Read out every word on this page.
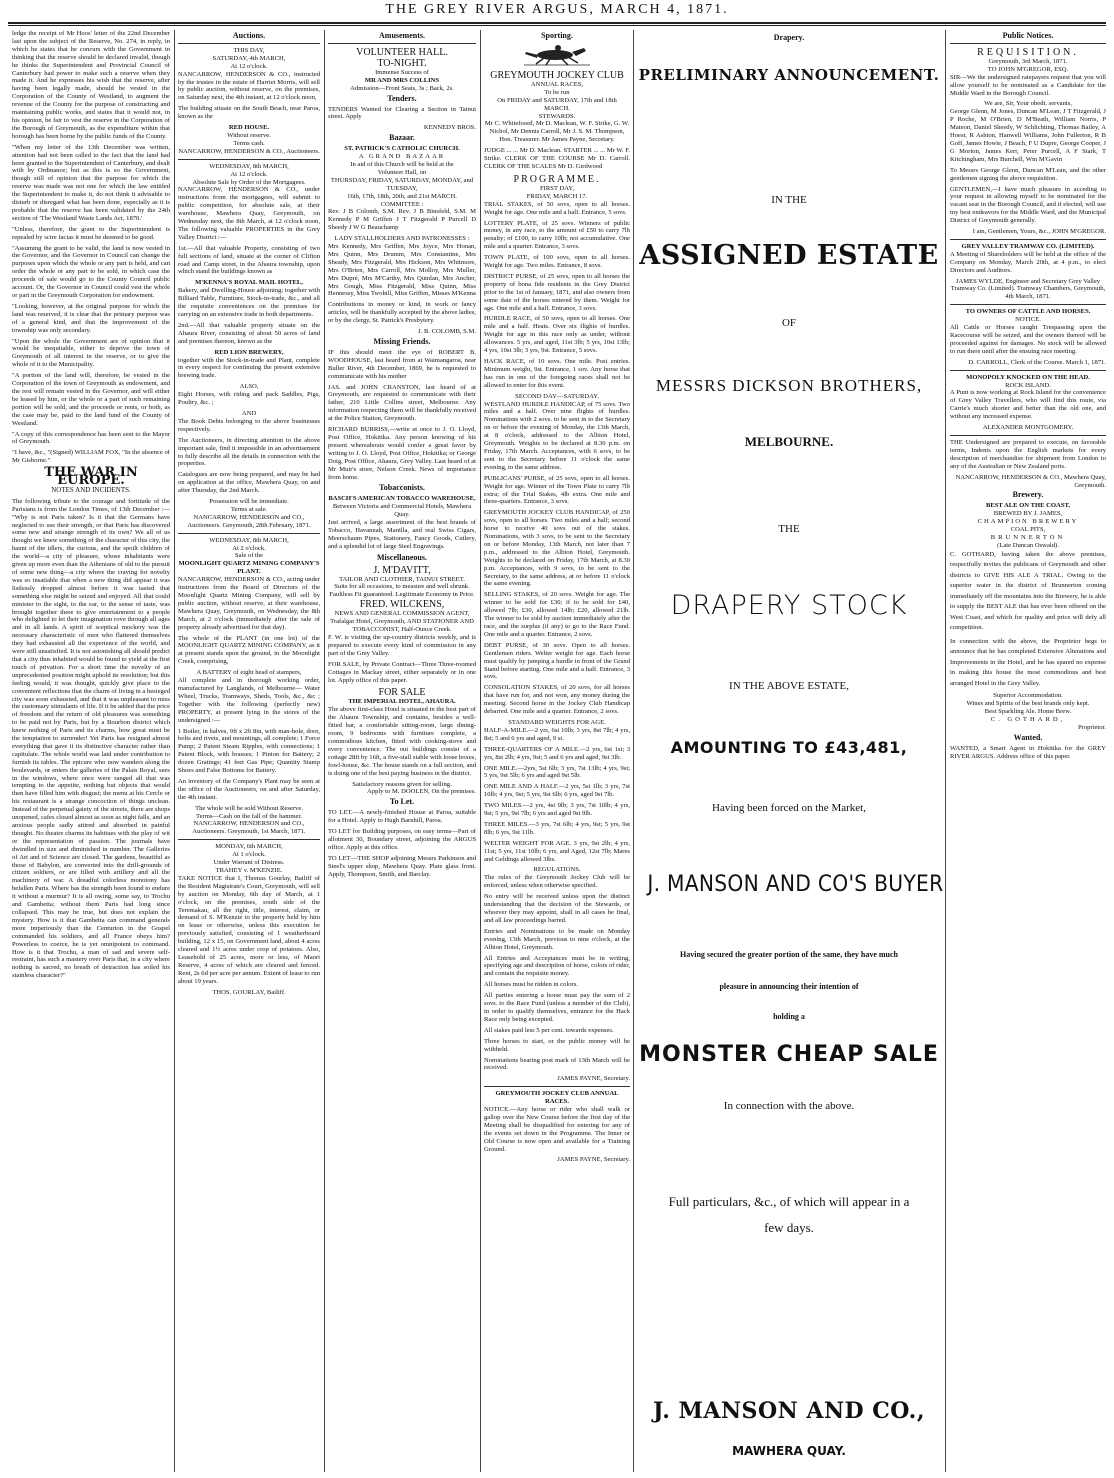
THE GREY RIVER ARGUS, MARCH 4, 1871.

ledge the receipt of Mr Hoos' letter of the 22nd December last upon the subject of the Reserve, No. 274, in reply, in which he states that he concurs with the Government in thinking that the reserve should be declared invalid, though he thinks the Superintendent and Provincial Council of Canterbury had power to make such a reserve when they made it. And he expresses his wish that the reserve, after having been legally made, should be vested in the Corporation of the County of Westland, to augment the revenue of the County for the purpose of constructing and maintaining public works, and states that it would not, in his opinion, be fair to vest the reserve in the Corporation of the Borough of Greymouth, as the expenditure within that borough has been borne by the public funds of the County.

"When my letter of the 13th December was written, attention had not been called to the fact that the land had been granted to the Superintendent of Canterbury, and dealt with by Ordinance; but as this is so the Government, though still of opinion that the purpose for which the reserve was made was not one for which the law entitled the Superintendent to make it, do not think it advisable to disturb or disregard what has been done, especially as it is probable that the reserve has been validated by the 24th section of 'The Westland Waste Lands Act, 1870.'

"Unless, therefore, the grant to the Superintendent is repealed by scire facias it must be deemed to be good.

"Assuming the grant to be valid, the land is now vested in the Governor, and the Governor in Council can change the purposes upon which the whole or any part is held, and can order the whole or any part to be sold, in which case the proceeds of sale would go to the County Council public account. Or, the Governor in Council could vest the whole or part in the Greymouth Corporation for endowment.

"Looking, however, at the original purpose for which the land was reserved, it is clear that the primary purpose was of a general kind, and that the improvement of the township was only secondary.

"Upon the whole the Government are of opinion that it would be inequitable, either to deprive the town of Greymouth of all interest in the reserve, or to give the whole of it to the Municipality.

"A portion of the land will, therefore, be vested in the Corporation of the town of Greymouth as endowment, and the rest will remain vested in the Governor, and will either be leased by him, or the whole or a part of such remaining portion will be sold, and the proceeds or rents, or both, as the case may be, paid to the land fund of the County of Westland.

"A copy of this correspondence has been sent to the Mayor of Greymouth.

"I have, &c., "(Signed) WILLIAM FOX, "In the absence of Mr Gisborne."

THE WAR IN EUROPE.
NOTES AND INCIDENTS.

The following tribute to the courage and fortitude of the Parisians is from the London Times, of 13th December :— "Why is not Paris taken? Is it that the Germans have neglected to use their strength, or that Paris has discovered some new and strange strength of its own? We all of us thought we knew something of the character of this city, the haunt of the idlers, the curious, and the spoilt children of the world—a city of pleasure, whose inhabitants were given up more even than the Athenians of old to the pursuit of some new thing—a city where the craving for novelty was so insatiable that when a new thing did appear it was listlessly dropped almost before it was tasted that something else might be seized and enjoyed. All that could minister to the sight, to the ear, to the sense of taste, was brought together there to give entertainment to a people who delighted to let their imagination rove through all ages and in all lands. A spirit of sceptical mockery was the necessary characteristic of men who flattered themselves they had exhausted all the experience of the world, and were still unsatisfied. It is not astonishing all should predict that a city thus inhabited would be found to yield at the first touch of privation. For a short time the novelty of an unprecedented position might uphold its resolution; but this feeling would, it was thought, quickly give place to the convenient reflections that the charm of living in a besieged city was soon exhausted, and that it was unpleasant to miss the customary stimulants of life. If it be added that the price of freedom and the return of old pleasures was something to be paid not by Paris, but by a Bourbon district which knew nothing of Paris and its charms, how great must be the temptation to surrender! Yet Paris has resigned almost everything that gave it its distinctive character rather than capitulate. The whole world was laid under contribution to furnish its tables. The epicure who now wanders along the boulevards, or enters the galleries of the Palais Royal, sees in the windows, where once were ranged all that was tempting to the appetite, nothing but objects that would then have filled him with disgust; the menu at his Cercle or his restaurant is a strange concoction of things unclean. Instead of the perpetual gaiety of the streets, there are shops unopened, cafes closed almost as soon as night falls, and an anxious people sadly attired and absorbed in painful thought. No theatre charms its habitues with the play of wit or the representation of passion. The journals have dwindled in size and diminished in number. The Galleries of Art and of Science are closed. The gardens, beautiful as those of Babylon, are converted into the drill-grounds of citizen soldiers, or are filled with artillery and all the machinery of war. A dreadful colorless monotony has befallen Paris. Where has the strength been found to endure it without a murmur? It is all owing, some say, to Trochu and Gambetta; without them Paris had long since collapsed. This may be true, but does not explain the mystery. How is it that Gambetta can command generals more imperiously than the Centurion in the Gospel commanded his soldiers, and all France obeys him? Powerless to coerce, he is yet omnipotent to command. How is it that Trochu, a man of sad and severe self-restraint, has such a mastery over Paris that, in a city where nothing is sacred, no breath of detraction has soiled his stainless character?"

Auctions.
THIS DAY,
SATURDAY, 4th MARCH,
At 12 o'clock.

NANCARROW, HENDERSON & CO., instructed by the trustee in the estate of Harriet Morris, will sell by public auction, without reserve, on the premises, on Saturday next, the 4th instant, at 12 o'clock noon,

The building situate on the South Beach, near Paroa, known as the

RED HOUSE.
Without reserve.
Terms cash.
NANCARROW, HENDERSON & CO., Auctioneers.
WEDNESDAY, 8th MARCH,
At 12 o'clock.
Absolute Sale by Order of the Mortgagees.

NANCARROW, HENDERSON & CO., under instructions from the mortgagees, will submit to public competition, for absolute sale, at their warehouse, Mawhera Quay, Greymouth, on Wednesday next, the 8th March, at 12 o'clock noon, The following valuable PROPERTIES in the Grey Valley District :—

1st.—All that valuable Property, consisting of two full sections of land, situate at the corner of Clifton road and Camp street, in the Ahaura township, upon which stand the buildings known as

M'KENNA'S ROYAL MAIL HOTEL,

Bakery, and Dwelling-House adjoining; together with Billiard Table, Furniture, Stock-in-trade, &c., and all the requisite conveniences on the premises for carrying on an extensive trade in both departments.

2nd.—All that valuable property situate on the Ahaura River, consisting of about 50 acres of land and premises thereon, known as the

RED LION BREWERY,

together with the Stock-in-trade and Plant, complete in every respect for continuing the present extensive brewing trade.

ALSO,

Eight Horses, with riding and pack Saddles, Pigs, Poultry, &c. ;

AND

The Book Debts belonging to the above businesses respectively.

The Auctioneers, in directing attention to the above important sale, find it impossible in an advertisement to fully describe all the details in connection with the properties.

Catalogues are now being prepared, and may be had on application at the office, Mawhera Quay, on and after Thursday, the 2nd March.

Possession will be immediate.
Terms at sale.
NANCARROW, HENDERSON and CO., Auctioneers. Greymouth, 28th February, 1871.
WEDNESDAY, 8th MARCH,
At 2 o'clock.
Sale of the
MOONLIGHT QUARTZ MINING COMPANY'S PLANT.

NANCARROW, HENDERSON & CO., acting under instructions from the Board of Directors of the Moonlight Quartz Mining Company, will sell by public auction, without reserve, at their warehouse, Mawhera Quay, Greymouth, on Wednesday, the 8th March, at 2 o'clock (immediately after the sale of property already advertised for that day).

The whole of the PLANT (in one lot) of the MOONLIGHT QUARTZ MINING COMPANY, as it at present stands upon the ground, in the Moonlight Creek, comprising,

A BATTERY of eight head of stampers,

All complete and in thorough working order, manufactured by Langlands, of Melbourne— Water Wheel, Trucks, Tramways, Sheds, Tools, &c., &c ; Together with the following (perfectly new) PROPERTY, at present lying in the stores of the undersigned :—

1 Boiler, in halves, 9ft x 2ft 8in, with man-hole, door, bolts and rivets, and mountings, all complete; 1 Force Pump; 2 Patent Steam Ripples, with connections; 1 Patent Block, with brasses; 1 Pinion for Battery; 2 dozen Gratings; 41 feet Gas Pipe; Quantity Stamp Shoes and False Bottoms for Battery.

An inventory of the Company's Plant may be seen at the office of the Auctioneers, on and after Saturday, the 4th instant.

The whole will be sold Without Reserve.
Terms—Cash on the fall of the hammer.
NANCARROW, HENDERSON and CO., Auctioneers. Greymouth, 1st March, 1871.
MONDAY, 6th MARCH,
At 1 o'clock.
Under Warrant of Distress.
TRAHEY v. M'KENZIE.

TAKE NOTICE that I, Thomas Gourlay, Bailiff of the Resident Magistrate's Court, Greymouth, will sell by auction on Monday, 6th day of March, at 1 o'clock, on the premises, south side of the Teremakau, all the right, title, interest, claim, or demand of S. M'Kenzie to the property held by him on lease or otherwise, unless this execution be previously satisfied, consisting of 1 weatherboard building, 12 x 15, on Government land, about 4 acres cleared and 1½ acres under crop of potatoes. Also, Leasehold of 25 acres, more or less, of Maori Reserve, 4 acres of which are cleared and fenced. Rent, 2s 6d per acre per annum. Extent of lease to run about 19 years.

THOS. GOURLAY, Bailiff.
Amusements.
VOLUNTEER HALL.
TO-NIGHT.
Immense Success of
MR AND MRS COLLINS
Admission—Front Seats, 3s ; Back, 2s.
Tenders.

TENDERS Wanted for Clearing a Section in Tainui street. Apply

KENNEDY BROS.
Bazaar.
ST. PATRICK'S CATHOLIC CHURCH.
A GRAND BAZAAR
In aid of this Church will be held at the
Volunteer Hall, on
THURSDAY, FRIDAY, SATURDAY, MONDAY, and TUESDAY,
16th, 17th, 18th, 20th, and 21st MARCH.
COMMITTEE :

Rev. J B Colomb, S.M. Rev. J B Binsfeld, S.M. M Kennedy P M Griffen J T Fitzgerald P Purcell D Sheedy J W G Beauchamp

LADY STALLHOLDERS AND PATRONESSES :

Mrs Kennedy, Mrs Griffen, Mrs Joyce, Mrs Honan, Mrs Quinn, Mrs Drumm, Mrs Constantine, Mrs Sheady, Mrs Fitzgerald, Mrs Hickson, Mrs Whitmore, Mrs O'Brien, Mrs Carroll, Mrs Molloy, Mrs Muller, Mrs Dupré, Mrs M'Carthy, Mrs Quinlan, Mrs Ancher, Mrs Gough, Miss Fitzgerald, Miss Quinn, Miss Hennessy, Miss Twohill, Miss Griffen, Misses M'Kenna

Contributions in money or kind, in work or fancy articles, will be thankfully accepted by the above ladies, or by the clergy, St. Patrick's Presbytery.

J. B. COLOMB, S.M.
Missing Friends.

IF this should meet the eye of ROBERT B. WOODHOUSE, last heard from at Waimangaroa, near Buller River, 4th December, 1869, he is requested to communicate with his mother

JAS. and JOHN CRANSTON, last heard of at Greymouth, are requested to communicate with their father, 210 Little Collins street, Melbourne. Any information respecting them will be thankfully received at the Police Station, Greymouth.

RICHARD BURRISS,—write at once to J. O. Lloyd, Post Office, Hokitika. Any person knowing of his present whereabouts would confer a great favor by writing to J. O. Lloyd, Post Office, Hokitika; or George Doig, Post Office, Ahaura, Grey Valley. Last heard of at Mr Muir's store, Nelson Creek. News of importance from home.

Tobacconists.
BASCH'S AMERICAN TOBACCO WAREHOUSE,
Between Victoria and Commercial Hotels, Mawhera Quay.

Just arrived, a large assortment of the best brands of Tobacco, Havannah, Manilla, and real Swiss Cigars, Meerschaum Pipes, Stationery, Fancy Goods, Cutlery, and a splendid lot of large Steel Engravings.

Miscellaneous.
J. M'DAVITT,
TAILOR AND CLOTHIER, TAINUI STREET.
Suits for all occasions, to measure and well shrunk.
Faultless Fit guaranteed. Legitimate Economy in Price.
FRED. WILCKENS,
NEWS AND GENERAL COMMISSION AGENT, Trafalgar Hotel, Greymouth, AND STATIONER AND TOBACCONIST, Half-Ounce Creek.

F. W. is visiting the up-country districts weekly, and is prepared to execute every kind of commission in any part of the Grey Valley.

FOR SALE, by Private Contract—Three Three-roomed Cottages in Mackay street, either separately or in one lot. Apply office of this paper.

FOR SALE
THE IMPERIAL HOTEL, AHAURA.

The above first-class Hotel is situated in the best part of the Ahaura Township, and contains, besides a well-fitted bar, a comfortable sitting-room, large dining-room, 9 bedrooms with furniture complete, a commodious kitchen, fitted with cooking-stove and every convenience. The out buildings consist of a cottage 28ft by 16ft, a five-stall stable with loose boxes, fowl-house, &c. The house stands on a full section, and is doing one of the best paying business in the district.

Satisfactory reasons given for selling.
Apply to M. DOOLEN, On the premises.
To Let.

TO LET.—A newly-finished House at Paroa, suitable for a Hotel. Apply to Hugh Barnhill, Paroa.

TO LET for Building purposes, on easy terms—Part of allotment 30, Boundary street, adjoining the ARGUS office. Apply at this office.

TO LET—THE SHOP adjoining Messrs Parkinson and Steel's upper shop, Mawhera Quay. Plate glass front. Apply, Thompson, Smith, and Barclay.

Sporting.
GREYMOUTH JOCKEY CLUB
ANNUAL RACES,
To be run
On FRIDAY and SATURDAY, 17th and 18th MARCH.
STEWARDS.

Mr C. Whitefoord, Mr D. Maclean, W. F. Strike, G. W. Nichol, Mr Dennis Carroll, Mr J. S. M. Thompson, Hon. Treasurer. Mr James Payne, Secretary.

JUDGE ... ... Mr D. Maclean. STARTER ... ... Mr W. F. Strike. CLERK OF THE COURSE Mr D. Carroll. CLERK OF THE SCALES Mr D. Girdwood

PROGRAMME.
FIRST DAY,
FRIDAY, MARCH 17.

TRIAL STAKES, of 50 sovs, open to all horses. Weight for age. One mile and a half. Entrance, 5 sovs.

LOTTERY PLATE, of 25 sovs. Winners of public money, in any race, to the amount of £50 to carry 7lb penalty; of £100, to carry 10lb; not accumulative. One mile and a quarter. Entrance, 3 sovs.

TOWN PLATE, of 100 sovs, open to all horses. Weight for age. Two miles. Entrance, 8 sovs.

DISTRICT PURSE, of 25 sovs, open to all horses the property of bona fide residents in the Grey District prior to the 1st of January, 1871, and also owners from some date of the horses entered by them. Weight for age. One mile and a half. Entrance, 3 sovs.

HURDLE RACE, of 50 sovs, open to all horses. One mile and a half. Heats. Over six flights of hurdles. Weight for age in this race only as under, without allowances. 5 yrs, and aged, 11st 3lb; 5 yrs, 10st 13lb; 4 yrs, 10st 3lb; 3 yrs, 9st. Entrance, 5 sovs.

HACK RACE, of 10 sovs. One mile. Post entries. Minimum weight, 9st. Entrance, 1 sov. Any horse that has run in one of the foregoing races shall not be allowed to enter for this event.

SECOND DAY—SATURDAY.

WESTLAND HURDLE HANDICAP, of 75 sovs. Two miles and a half. Over nine flights of hurdles. Nominations with 2 sovs. to be sent in to the Secretary on or before the evening of Monday, the 13th March, at 8 o'clock, addressed to the Albion Hotel, Greymouth. Weights to be declared at 8.30 p.m. on Friday, 17th March. Acceptances, with 6 sovs, to be sent to the Secretary before 11 o'clock the same evening, to the same address.

PUBLICANS' PURSE, of 25 sovs, open to all horses. Weight for age. Winner of the Town Plate to carry 7lb extra; of the Trial Stakes, 4lb extra. One mile and three-quarters. Entrance, 3 sovs.

GREYMOUTH JOCKEY CLUB HANDICAP, of 250 sovs, open to all horses. Two miles and a half; second horse to receive 40 sovs out of the stakes. Nominations, with 3 sovs, to be sent to the Secretary on or before Monday, 13th March, not later than 7 p.m., addressed to the Albion Hotel, Greymouth. Weights to be declared on Friday, 17th March, at 8.30 p.m. Acceptances, with 9 sovs, to be sent to the Secretary, to the same address, at or before 11 o'clock the same evening.

SELLING STAKES, of 20 sovs. Weight for age. The winner to be sold for £30; if to be sold for £40, allowed 7lb; £30, allowed 14lb; £20, allowed 21lb. The winner to be sold by auction immediately after the race, and the surplus (if any) to go to the Race Fund. One mile and a quarter. Entrance, 2 sovs.

DEBT PURSE, of 30 sovs. Open to all horses. Gentlemen riders. Welter weight for age. Each horse must qualify by jumping a hurdle in front of the Grand Stand before starting. One mile and a half. Entrance, 3 sovs.

CONSOLATION STAKES, of 20 sovs, for all horses that have run for, and not won, any money during the meeting. Second horse in the Jockey Club Handicap debarred. One mile and a quarter. Entrance, 2 sovs.

STANDARD WEIGHTS FOR AGE.

HALF-A-MILE.—2 yrs, 6st 10lb; 3 yrs, 8st 7lb; 4 yrs, 8st; 5 and 6 yrs and aged, 9 st.

THREE-QUARTERS OF A MILE.—2 yrs, 6st 1st; 3 yrs, 8st 2lb; 4 yrs, 9st; 5 and 6 yrs and aged, 9st 3lb.

ONE MILE.—2yrs, 5st 6lb; 3 yrs, 7st 13lb; 4 yrs, 9st; 5 yrs, 9st 5lb; 6 yrs and aged 9st 5lb.

ONE MILE AND A HALF.—2 yrs, 5st 1lb; 3 yrs, 7st 10lb; 4 yrs, 9st; 5 yrs, 9st 6lb; 6 yrs, aged 9st 7lb.

TWO MILES.—2 yrs, 4st 9lb; 3 yrs, 7st 10lb; 4 yrs, 9st; 5 yrs, 9st 7lb; 6 yrs and aged 9st 9lb.

THREE MILES.—3 yrs, 7st 6lb; 4 yrs, 9st; 5 yrs, 9st 8lb; 6 yrs, 9st 11lb.

WELTER WEIGHT FOR AGE. 3 yrs, 9st 2lb; 4 yrs, 11st; 5 yrs, 11st 10lb; 6 yrs, and Aged, 12st 7lb; Mares and Geldings allowed 3lbs.

REGULATIONS.

The rules of the Greymouth Jockey Club will be enforced, unless when otherwise specified.

No entry will be received unless upon the distinct understanding that the decision of the Stewards, or whoever they may appoint, shall in all cases be final, and all law proceedings barred.

Entries and Nominations to be made on Monday evening, 13th March, previous to nine o'clock, at the Albion Hotel, Greymouth.

All Entries and Acceptances must be in writing, specifying age and description of horse, colors of rider, and contain the requisite money.

All horses must be ridden in colors.

All parties entering a horse must pay the sum of 2 sovs. to the Race Fund (unless a member of the Club), in order to qualify themselves, entrance for the Hack Race only being excepted.

All stakes paid less 5 per cent. towards expenses.

Three horses to start, or the public money will be withheld.

Nominations bearing post mark of 13th March will be received.

JAMES PAYNE, Secretary.
GREYMOUTH JOCKEY CLUB ANNUAL RACES.

NOTICE.—Any horse or rider who shall walk or gallop over the New Course before the first day of the Meeting shall be disqualified for entering for any of the events set down in the Programme. The Inner or Old Course is now open and available for a Training Ground.

JAMES PAYNE, Secretary.
Drapery.
PRELIMINARY ANNOUNCEMENT.
IN THE
ASSIGNED ESTATE
OF
MESSRS DICKSON BROTHERS,
MELBOURNE.
THE
DRAPERY STOCK
IN THE ABOVE ESTATE,
AMOUNTING TO £43,481,
Having been forced on the Market,
J. MANSON AND CO'S BUYER
Having secured the greater portion of the same, they have much
pleasure in announcing their intention of
holding a
MONSTER CHEAP SALE
In connection with the above.
Full particulars, &c., of which will appear in a
few days.
J. MANSON AND CO.,
MAWHERA QUAY.
Public Notices.
REQUISITION.
Greymouth, 3rd March, 1871.
TO JOHN M'GREGOR, ESQ.

SIR—We the undersigned ratepayers request that you will allow yourself to be nominated as a Candidate for the Middle Ward in the Borough Council.

We are, Sir, Your obedt. servants,

George Glenn, M Jones, Duncan M'Lean, J T Fitzgerald, J P Roche, M O'Brien, D M'Beath, William Norris, P Mateon, Daniel Sheedy, W Schlichting, Thomas Bailey, A Hoest, R Ashton, Hanwell Williams, John Fullerton, R B Goff, James Howie, J Beach, F U Dupre, George Cooper, J G Morton, James Kerr, Peter Purcell, A F Stark, T Kitchingham, Mrs Burchell, Wm M'Gavin

To Messrs George Glenn, Duncan M'Lean, and the other gentlemen signing the above requisition.

GENTLEMEN,—I have much pleasure in acceding to your request in allowing myself to be nominated for the vacant seat in the Borough Council, and if elected, will use my best endeavors for the Middle Ward, and the Municipal District of Greymouth generally.

I am, Gentlemen, Yours, &c., JOHN M'GREGOR.
GREY VALLEY TRAMWAY CO. (LIMITED).

A Meeting of Shareholders will be held at the office of the Company on Monday, March 20th, at 4 p.m., to elect Directors and Auditors.

JAMES WYLDE, Engineer and Secretary Grey Valley Tramway Co. (Limited). Tramway Chambers, Greymouth, 4th March, 1871.
TO OWNERS OF CATTLE AND HORSES.
NOTICE.

All Cattle or Horses caught Trespassing upon the Racecourse will be seized, and the owners thereof will be proceeded against for damages. No stock will be allowed to run there until after the ensuing race meeting.

D. CARROLL, Clerk of the Course. March 1, 1871.
MONOPOLY KNOCKED ON THE HEAD.
ROCK ISLAND.

A Punt is now working at Rock Island for the convenience of Grey Valley Travellers, who will find this route, via Carrie's much shorter and better than the old one, and without any increased expense.

ALEXANDER MONTGOMERY.

THE Undersigned are prepared to execute, on favorable terms, Indents upon the English markets for every description of merchandise for shipment from London to any of the Australian or New Zealand ports.

NANCARROW, HENDERSON & CO., Mawhera Quay, Greymouth.
Brewery.
BEST ALE ON THE COAST,
BREWED BY J. JAMES,
CHAMPION BREWERY
COAL PITS,
BRUNNERTON
(Late Duncan Oswald).

C. GOTHARD, having taken the above premises, respectfully invites the publicans of Greymouth and other districts to GIVE HIS ALE A TRIAL. Owing to the superior water in the district of Brunnerton coming immediately off the mountains into the Brewery, he is able to supply the BEST ALE that has ever been offered on the West Coast, and which for quality and price will defy all competition.

In connection with the above, the Proprietor begs to announce that he has completed Extensive Alterations and Improvements in the Hotel, and he has spared no expense in making this house the most commodious and best arranged Hotel in the Grey Valley.

Superior Accommodation.
Wines and Spirits of the best brands only kept.
Best Sparkling Ale. Home Brew.
C. GOTHARD,
Proprietor.
Wanted.

WANTED, a Smart Agent in Hokitika for the GREY RIVER ARGUS. Address office of this paper.
